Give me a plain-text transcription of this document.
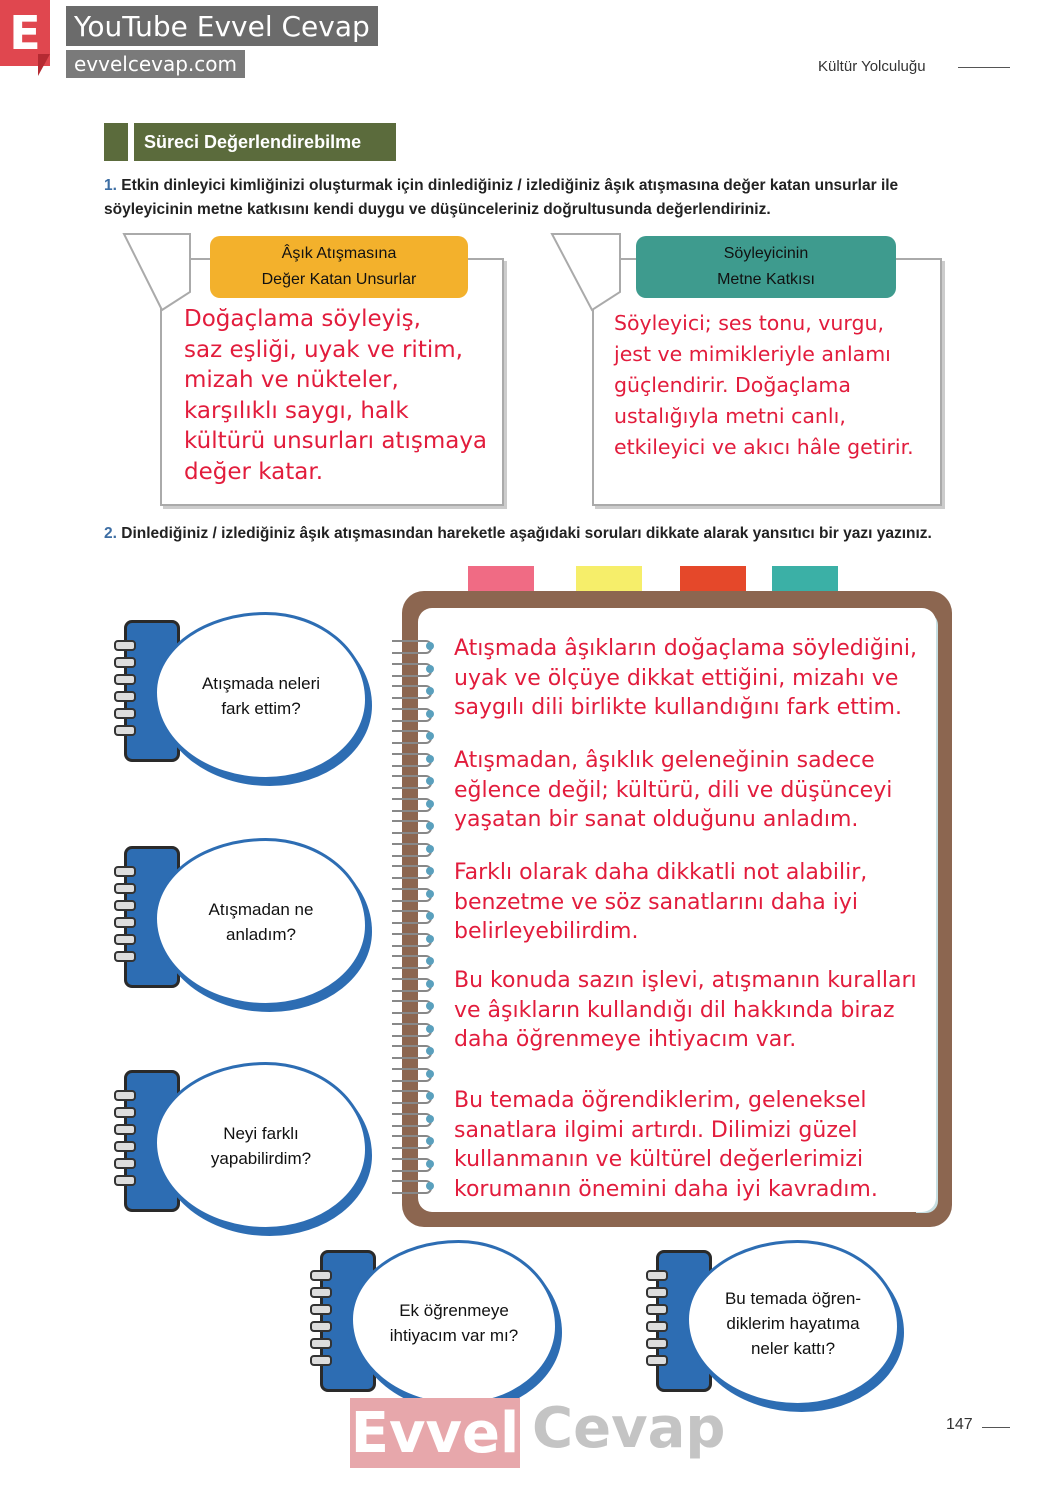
E	YouTube Evvel Cevap
evvelcevap.com	Kültür Yolculuğu
Süreci Değerlendirebilme
1. Etkin dinleyici kimliğinizi oluşturmak için dinlediğiniz / izlediğiniz âşık atışmasına değer katan unsurlar ile söyleyicinin metne katkısını kendi duygu ve düşünceleriniz doğrultusunda değerlendiriniz.
Âşık Atışmasına
Değer Katan Unsurlar

Doğaçlama söyleyiş,

saz eşliği, uyak ve ritim,

mizah ve nükteler,

karşılıklı saygı, halk

kültürü unsurları atışmaya

değer katar.

Söyleyicinin
Metne Katkısı

Söyleyici; ses tonu, vurgu,

jest ve mimikleriyle anlamı

güçlendirir. Doğaçlama

ustalığıyla metni canlı,

etkileyici ve akıcı hâle getirir.

2. Dinlediğiniz / izlediğiniz âşık atışmasından hareketle aşağıdaki soruları dikkate alarak yansıtıcı bir yazı yazınız.

Atışmada âşıkların doğaçlama söylediğini,

uyak ve ölçüye dikkat ettiğini, mizahı ve

saygılı dili birlikte kullandığını fark ettim.

Atışmadan, âşıklık geleneğinin sadece

eğlence değil; kültürü, dili ve düşünceyi

yaşatan bir sanat olduğunu anladım.

Farklı olarak daha dikkatli not alabilir,

benzetme ve söz sanatlarını daha iyi

belirleyebilirdim.

Bu konuda sazın işlevi, atışmanın kuralları

ve âşıkların kullandığı dil hakkında biraz

daha öğrenmeye ihtiyacım var.

Bu temada öğrendiklerim, geleneksel

sanatlara ilgimi artırdı. Dilimizi güzel

kullanmanın ve kültürel değerlerimizi

korumanın önemini daha iyi kavradım.

Atışmada neleri fark ettim?
Atışmadan ne anladım?
Neyi farklı yapabilirdim?
Ek öğrenmeye ihtiyacım var mı?
Bu temada öğren-diklerim hayatıma neler kattı?
Evvel Cevap	147
